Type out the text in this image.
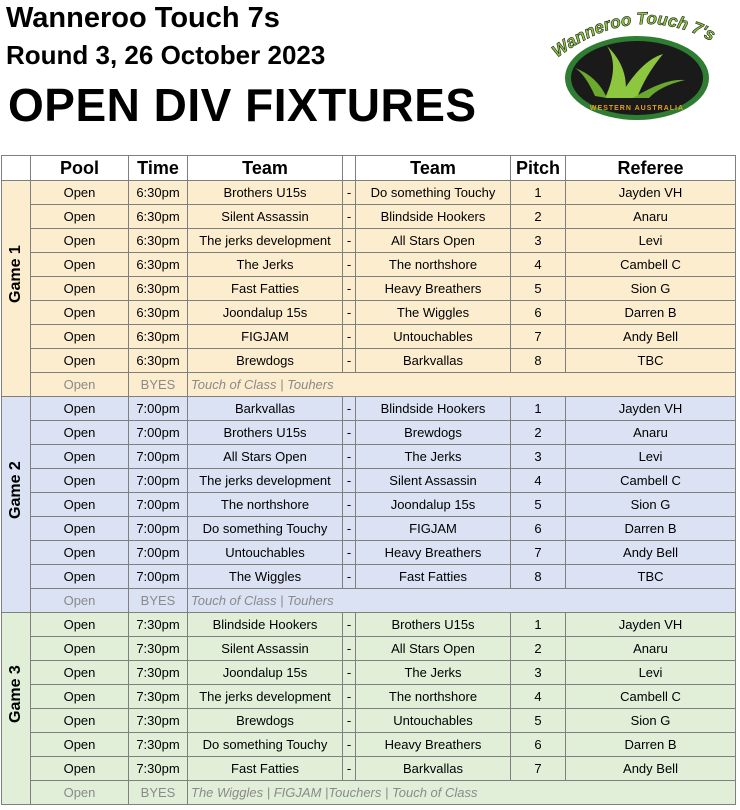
Wanneroo Touch 7s
Round 3, 26 October 2023
OPEN DIV FIXTURES
Wanneroo Touch 7's
WESTERN AUSTRALIA
	Pool	Time	Team		Team	Pitch	Referee

Game 1	Open	6:30pm	Brothers U15s	-	Do something Touchy	1	Jayden VH
	Open	6:30pm	Silent Assassin	-	Blindside Hookers	2	Anaru
	Open	6:30pm	The jerks development	-	All Stars Open	3	Levi
	Open	6:30pm	The Jerks	-	The northshore	4	Cambell C
	Open	6:30pm	Fast Fatties	-	Heavy Breathers	5	Sion G
	Open	6:30pm	Joondalup 15s	-	The Wiggles	6	Darren B
	Open	6:30pm	FIGJAM	-	Untouchables	7	Andy Bell
	Open	6:30pm	Brewdogs	-	Barkvallas	8	TBC
	Open	BYES	Touch of Class | Touhers				

Game 2	Open	7:00pm	Barkvallas	-	Blindside Hookers	1	Jayden VH
	Open	7:00pm	Brothers U15s	-	Brewdogs	2	Anaru
	Open	7:00pm	All Stars Open	-	The Jerks	3	Levi
	Open	7:00pm	The jerks development	-	Silent Assassin	4	Cambell C
	Open	7:00pm	The northshore	-	Joondalup 15s	5	Sion G
	Open	7:00pm	Do something Touchy	-	FIGJAM	6	Darren B
	Open	7:00pm	Untouchables	-	Heavy Breathers	7	Andy Bell
	Open	7:00pm	The Wiggles	-	Fast Fatties	8	TBC
	Open	BYES	Touch of Class | Touhers				

Game 3	Open	7:30pm	Blindside Hookers	-	Brothers U15s	1	Jayden VH
	Open	7:30pm	Silent Assassin	-	All Stars Open	2	Anaru
	Open	7:30pm	Joondalup 15s	-	The Jerks	3	Levi
	Open	7:30pm	The jerks development	-	The northshore	4	Cambell C
	Open	7:30pm	Brewdogs	-	Untouchables	5	Sion G
	Open	7:30pm	Do something Touchy	-	Heavy Breathers	6	Darren B
	Open	7:30pm	Fast Fatties	-	Barkvallas	7	Andy Bell
	Open	BYES	The Wiggles | FIGJAM |Touchers | Touch of Class				
